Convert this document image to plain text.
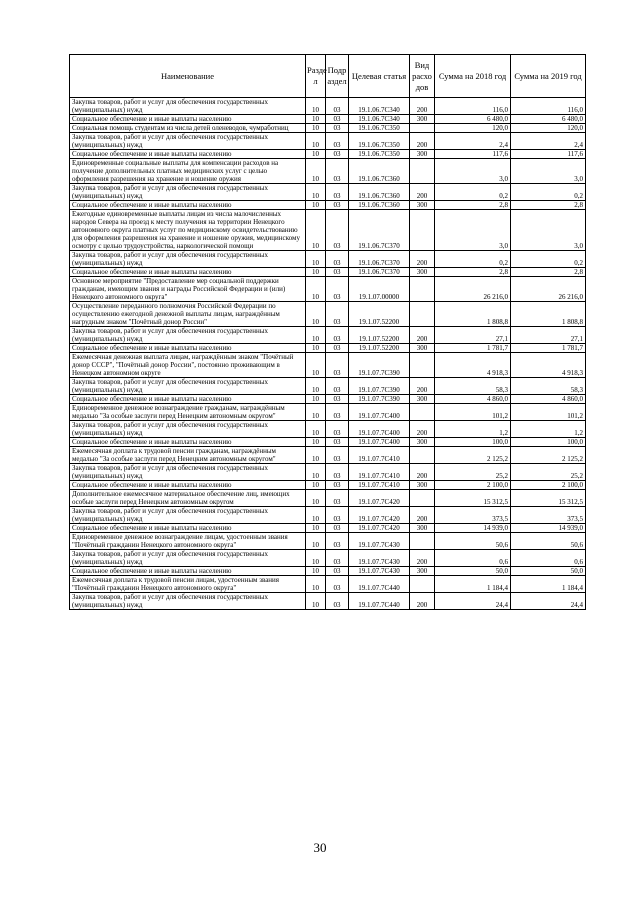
Наименование	Разде л	Подр аздел	Целевая статья	Вид расхо дов	Сумма на 2018 год	Сумма на 2019 год
Закупка товаров, работ и услуг для обеспечения государственных (муниципальных) нужд	10	03	19.1.06.7С340	200	116,0	116,0
Социальное обеспечение и иные выплаты населению	10	03	19.1.06.7С340	300	6 480,0	6 480,0
Социальная помощь студентам из числа детей оленеводов, чумработниц	10	03	19.1.06.7С350		120,0	120,0
Закупка товаров, работ и услуг для обеспечения государственных (муниципальных) нужд	10	03	19.1.06.7С350	200	2,4	2,4
Социальное обеспечение и иные выплаты населению	10	03	19.1.06.7С350	300	117,6	117,6
Единовременные социальные выплаты для компенсации расходов на получение дополнительных платных медицинских услуг с целью оформления разрешения на хранение и ношение оружия	10	03	19.1.06.7С360		3,0	3,0
Закупка товаров, работ и услуг для обеспечения государственных (муниципальных) нужд	10	03	19.1.06.7С360	200	0,2	0,2
Социальное обеспечение и иные выплаты населению	10	03	19.1.06.7С360	300	2,8	2,8
Ежегодные единовременные выплаты лицам из числа малочисленных народов Севера на проезд к месту получения на территории Ненецкого автономного округа платных услуг по медицинскому освидетельствованию для оформления разрешения на хранение и ношение оружия, медицинскому осмотру с целью трудоустройства, наркологической помощи	10	03	19.1.06.7С370		3,0	3,0
Закупка товаров, работ и услуг для обеспечения государственных (муниципальных) нужд	10	03	19.1.06.7С370	200	0,2	0,2
Социальное обеспечение и иные выплаты населению	10	03	19.1.06.7С370	300	2,8	2,8
Основное мероприятие "Предоставление мер социальной поддержки гражданам, имеющим звания и награды Российской Федерации и (или) Ненецкого автономного округа"	10	03	19.1.07.00000		26 216,0	26 216,0
Осуществление переданного полномочия Российской Федерации по осуществлению ежегодной денежной выплаты лицам, награждённым нагрудным знаком "Почётный донор России"	10	03	19.1.07.52200		1 808,8	1 808,8
Закупка товаров, работ и услуг для обеспечения государственных (муниципальных) нужд	10	03	19.1.07.52200	200	27,1	27,1
Социальное обеспечение и иные выплаты населению	10	03	19.1.07.52200	300	1 781,7	1 781,7
Ежемесячная денежная выплата лицам, награждённым знаком "Почётный донор СССР", "Почётный донор России", постоянно проживающим в Ненецком автономном округе	10	03	19.1.07.7С390		4 918,3	4 918,3
Закупка товаров, работ и услуг для обеспечения государственных (муниципальных) нужд	10	03	19.1.07.7С390	200	58,3	58,3
Социальное обеспечение и иные выплаты населению	10	03	19.1.07.7С390	300	4 860,0	4 860,0
Единовременное денежное вознаграждение гражданам, награждённым медалью "За особые заслуги перед Ненецким автономным округом"	10	03	19.1.07.7С400		101,2	101,2
Закупка товаров, работ и услуг для обеспечения государственных (муниципальных) нужд	10	03	19.1.07.7С400	200	1,2	1,2
Социальное обеспечение и иные выплаты населению	10	03	19.1.07.7С400	300	100,0	100,0
Ежемесячная доплата к трудовой пенсии гражданам, награждённым медалью "За особые заслуги перед Ненецким автономным округом"	10	03	19.1.07.7С410		2 125,2	2 125,2
Закупка товаров, работ и услуг для обеспечения государственных (муниципальных) нужд	10	03	19.1.07.7С410	200	25,2	25,2
Социальное обеспечение и иные выплаты населению	10	03	19.1.07.7С410	300	2 100,0	2 100,0
Дополнительное ежемесячное материальное обеспечение лиц, имеющих особые заслуги перед Ненецким автономным округом	10	03	19.1.07.7С420		15 312,5	15 312,5
Закупка товаров, работ и услуг для обеспечения государственных (муниципальных) нужд	10	03	19.1.07.7С420	200	373,5	373,5
Социальное обеспечение и иные выплаты населению	10	03	19.1.07.7С420	300	14 939,0	14 939,0
Единовременное денежное вознаграждение лицам, удостоенным звания "Почётный гражданин Ненецкого автономного округа"	10	03	19.1.07.7С430		50,6	50,6
Закупка товаров, работ и услуг для обеспечения государственных (муниципальных) нужд	10	03	19.1.07.7С430	200	0,6	0,6
Социальное обеспечение и иные выплаты населению	10	03	19.1.07.7С430	300	50,0	50,0
Ежемесячная доплата к трудовой пенсии лицам, удостоенным звания "Почётный гражданин Ненецкого автономного округа"	10	03	19.1.07.7С440		1 184,4	1 184,4
Закупка товаров, работ и услуг для обеспечения государственных (муниципальных) нужд	10	03	19.1.07.7С440	200	24,4	24,4
30
